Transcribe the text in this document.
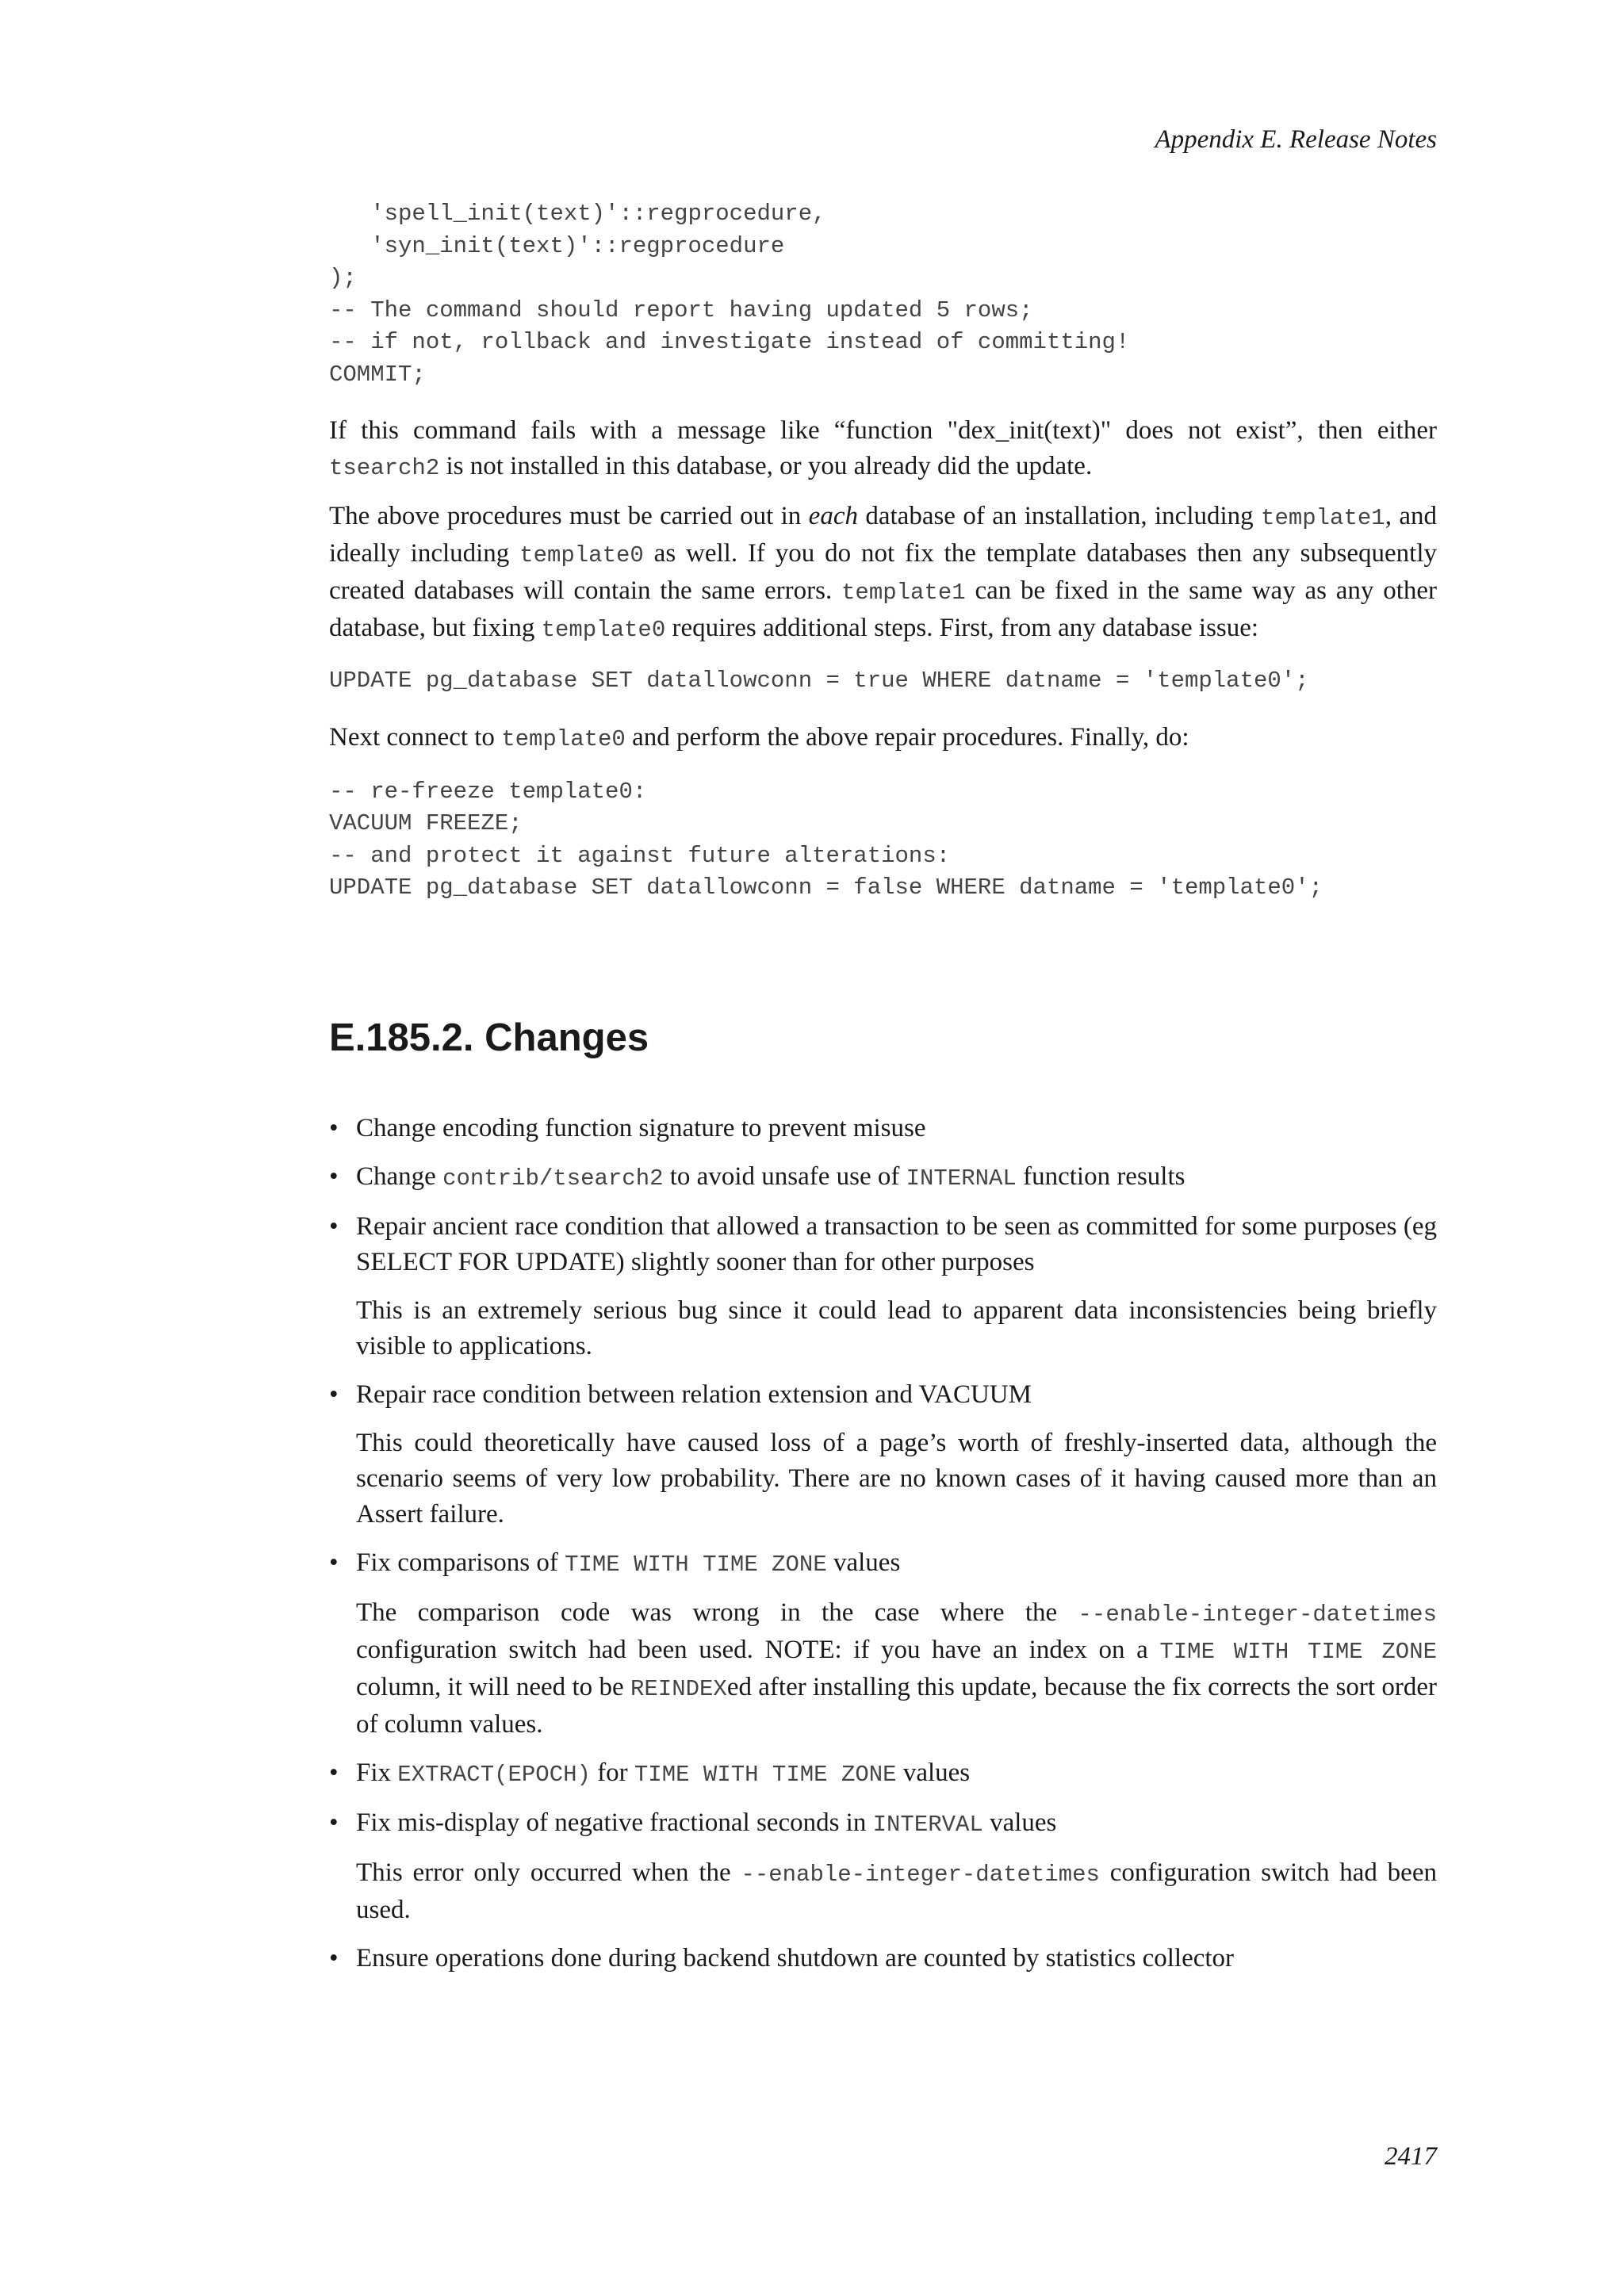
Appendix E. Release Notes
'spell_init(text)'::regprocedure,
'syn_init(text)'::regprocedure
);
-- The command should report having updated 5 rows;
-- if not, rollback and investigate instead of committing!
COMMIT;

If this command fails with a message like “function "dex_init(text)" does not exist”, then either tsearch2 is not installed in this database, or you already did the update.

The above procedures must be carried out in each database of an installation, including template1, and ideally including template0 as well. If you do not fix the template databases then any subsequently created databases will contain the same errors. template1 can be fixed in the same way as any other database, but fixing template0 requires additional steps. First, from any database issue:

UPDATE pg_database SET datallowconn = true WHERE datname = 'template0';

Next connect to template0 and perform the above repair procedures. Finally, do:

-- re-freeze template0:
VACUUM FREEZE;
-- and protect it against future alterations:
UPDATE pg_database SET datallowconn = false WHERE datname = 'template0';
E.185.2. Changes
• Change encoding function signature to prevent misuse

• Change contrib/tsearch2 to avoid unsafe use of INTERNAL function results

• Repair ancient race condition that allowed a transaction to be seen as committed for some purposes (eg SELECT FOR UPDATE) slightly sooner than for other purposes

This is an extremely serious bug since it could lead to apparent data inconsistencies being briefly visible to applications.

• Repair race condition between relation extension and VACUUM

This could theoretically have caused loss of a page’s worth of freshly-inserted data, although the scenario seems of very low probability. There are no known cases of it having caused more than an Assert failure.

• Fix comparisons of TIME WITH TIME ZONE values

The comparison code was wrong in the case where the --enable-integer-datetimes configuration switch had been used. NOTE: if you have an index on a TIME WITH TIME ZONE column, it will need to be REINDEXed after installing this update, because the fix corrects the sort order of column values.

• Fix EXTRACT(EPOCH) for TIME WITH TIME ZONE values

• Fix mis-display of negative fractional seconds in INTERVAL values

This error only occurred when the --enable-integer-datetimes configuration switch had been used.

• Ensure operations done during backend shutdown are counted by statistics collector

2417
